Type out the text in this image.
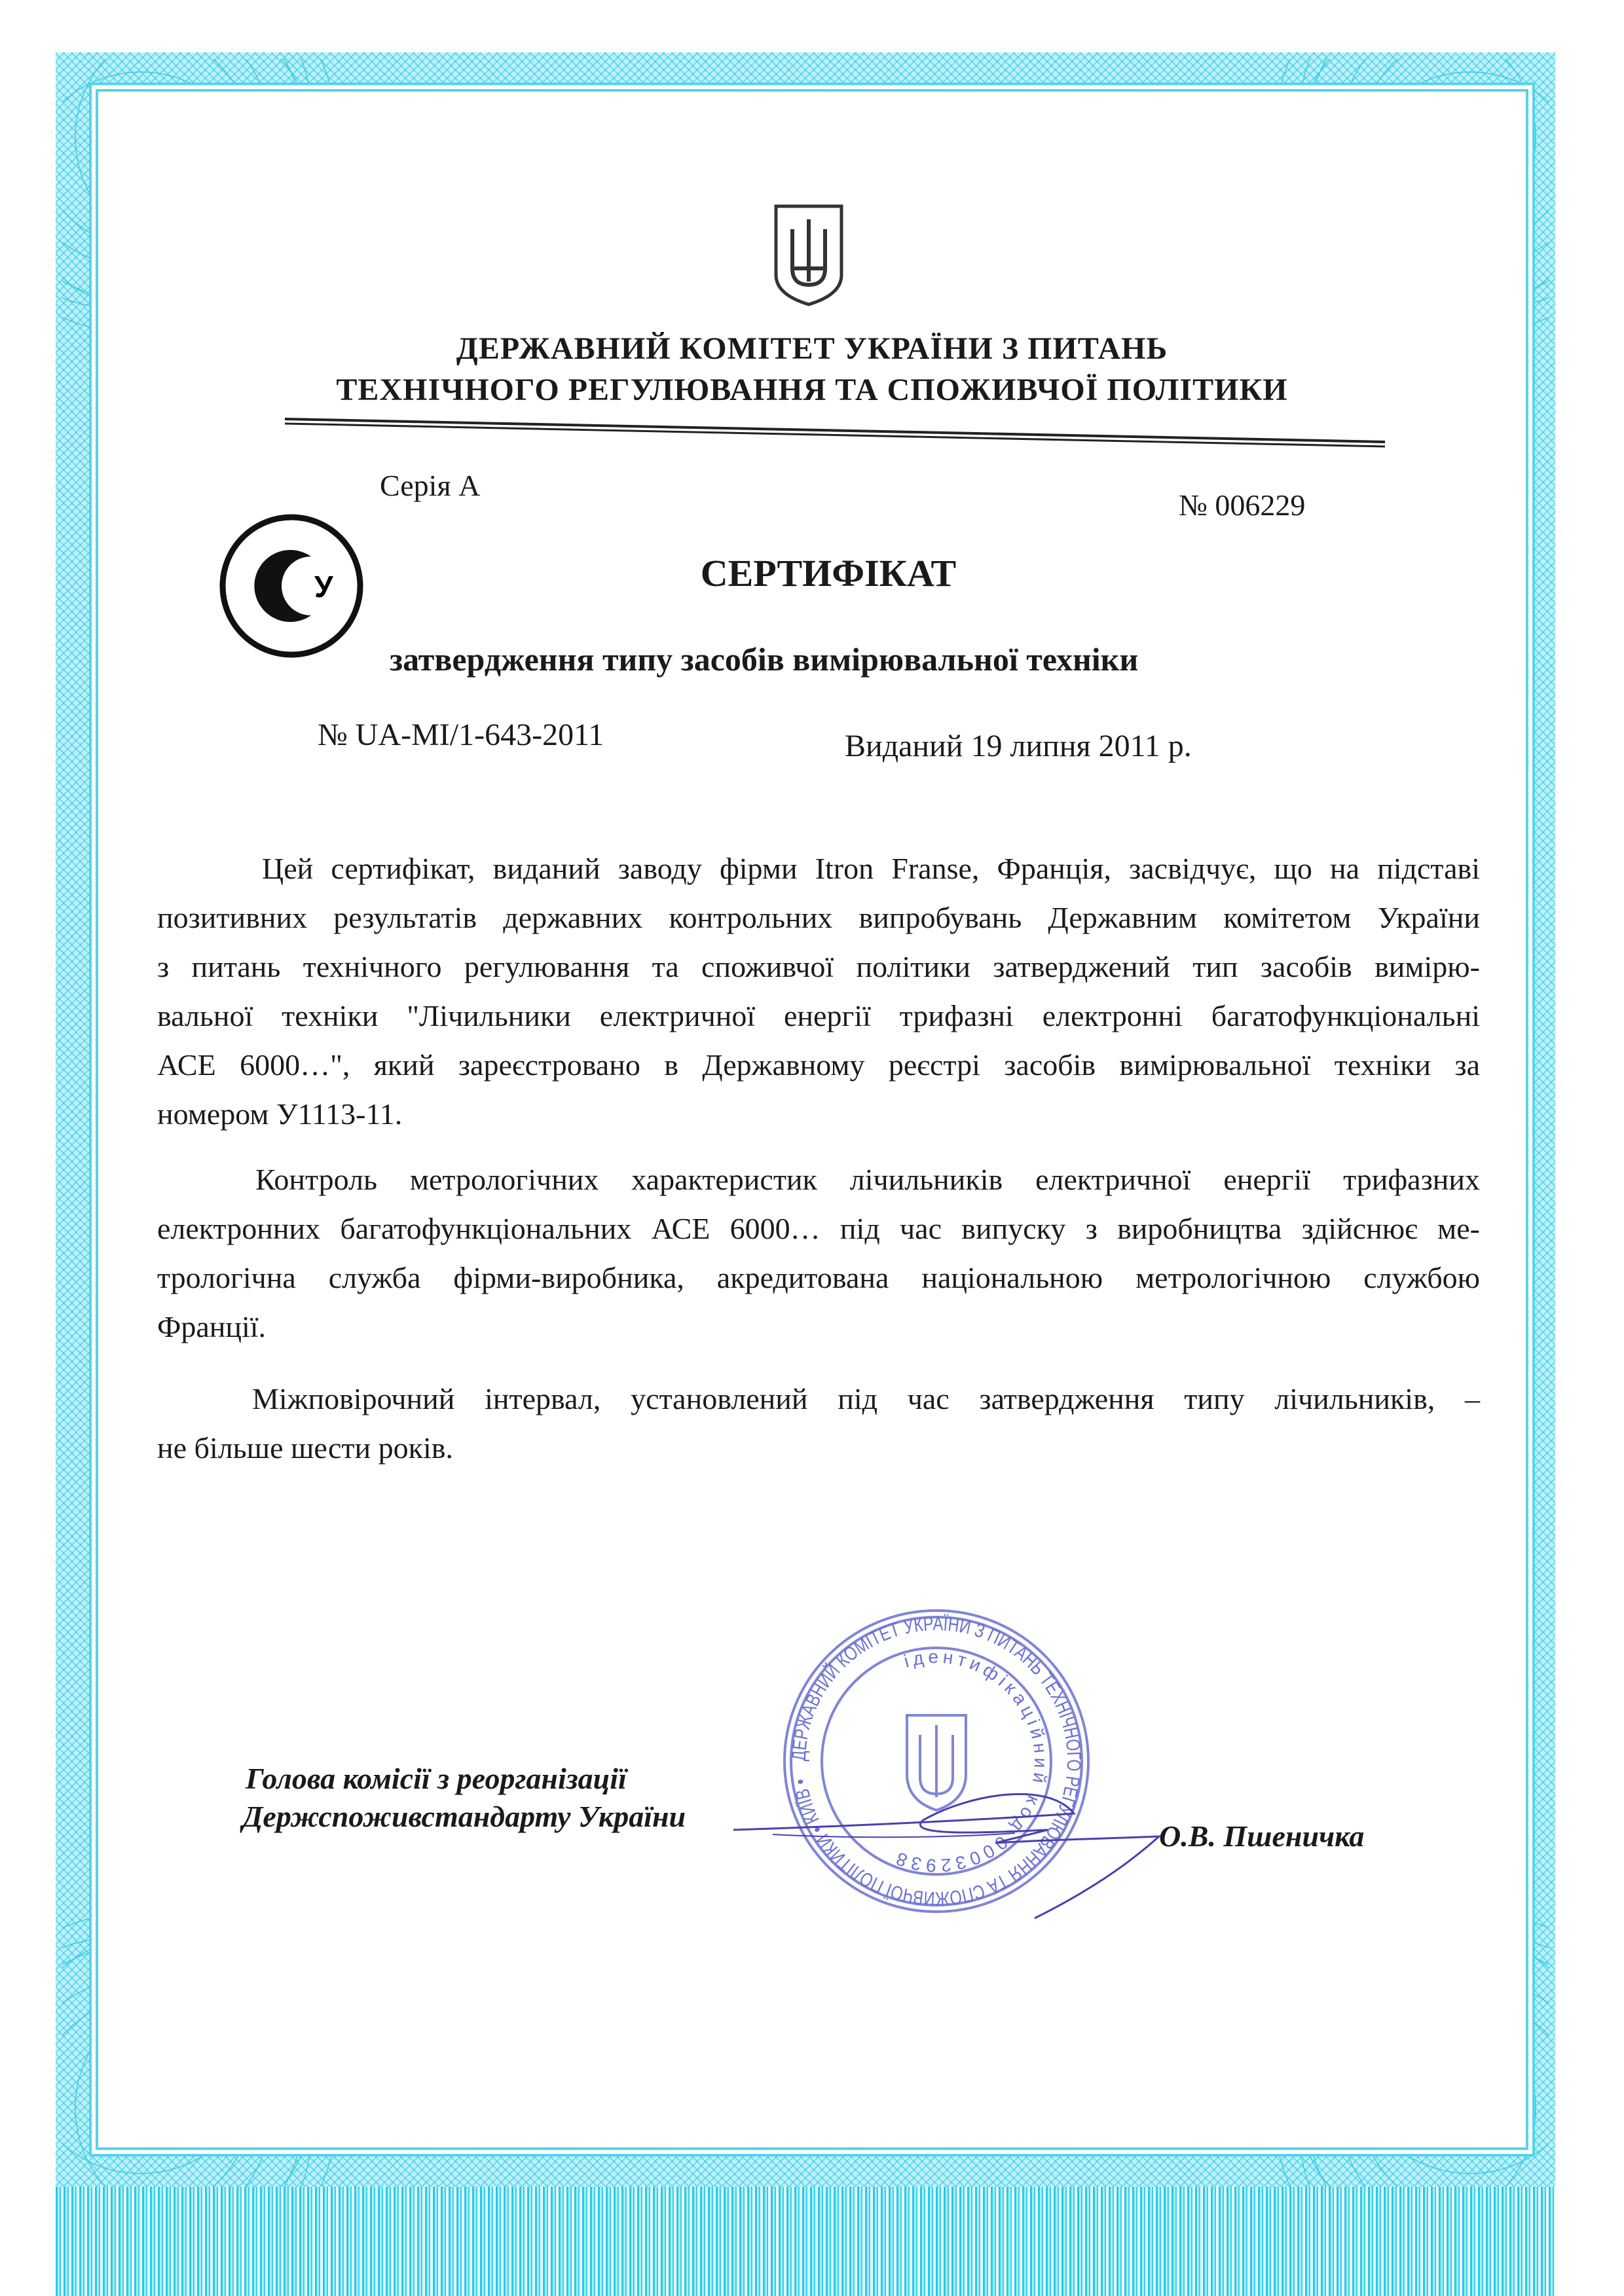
ДЕРЖАВНИЙ КОМІТЕТ УКРАЇНИ З ПИТАНЬ
ТЕХНІЧНОГО РЕГУЛЮВАННЯ ТА СПОЖИВЧОЇ ПОЛІТИКИ
Серія А
№ 006229
У	СЕРТИФІКАТ
затвердження типу засобів вимірювальної техніки
№ UA-MI/1-643-2011	Виданий 19 липня 2011 р.
Цей сертифікат, виданий заводу фірми Itron Franse, Франція, засвідчує, що на підставі
позитивних результатів державних контрольних випробувань Державним комітетом України
з питань технічного регулювання та споживчої політики затверджений тип засобів вимірю-
вальної техніки "Лічильники електричної енергії трифазні електронні багатофункціональні
АСЕ 6000…", який зареєстровано в Державному реєстрі засобів вимірювальної техніки за
номером У1113-11.
Контроль метрологічних характеристик лічильників електричної енергії трифазних
електронних багатофункціональних АСЕ 6000… під час випуску з виробництва здійснює ме-
трологічна служба фірми-виробника, акредитована національною метрологічною службою
Франції.
Міжповірочний інтервал, установлений під час затвердження типу лічильників, –
не більше шести років.
ДЕРЖАВНИЙ КОМІТЕТ УКРАЇНИ З ПИТАНЬ ТЕХНІЧНОГО РЕГУЛЮВАННЯ ТА СПОЖИВЧОЇ ПОЛІТИКИ • КИЇВ •
ідентифікаційний код 00032938
Голова комісії з реорганізації
Держспоживстандарту України
О.В. Пшеничка
